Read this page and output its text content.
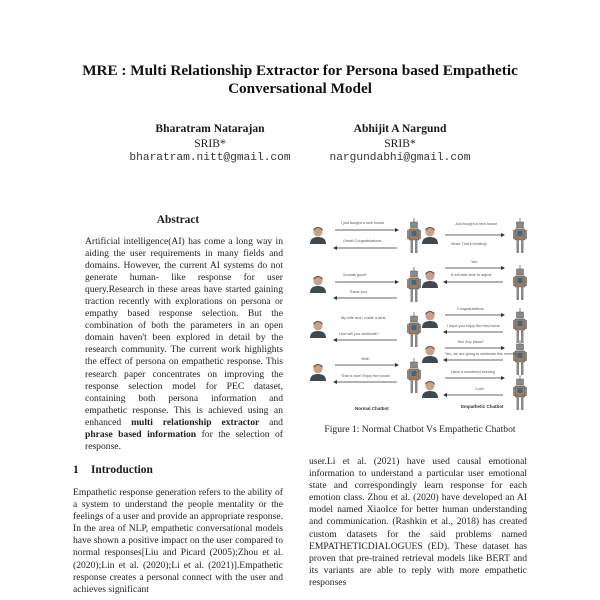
MRE : Multi Relationship Extractor for Persona based Empathetic
Conversational Model
Bharatram Natarajan
SRIB*
bharatram.nitt@gmail.com
Abhijit A Nargund
SRIB*
nargundabhi@gmail.com
Abstract
Artificial intelligence(AI) has come a long way in aiding the user requirements in many fields and domains. However, the current AI systems do not generate human- like response for user query.Research in these areas have started gaining traction recently with explorations on persona or empathy based response selection. But the combination of both the parameters in an open domain haven't been explored in detail by the research community. The current work highlights the effect of persona on empathetic response. This research paper concentrates on improving the response selection model for PEC dataset, containing both persona information and empathetic response. This is achieved using an enhanced multi relationship extractor and phrase based information for the selection of response.
1 Introduction
Empathetic response generation refers to the ability of a system to understand the people mentality or the feelings of a user and provide an appropriate response. In the area of NLP, empathetic conversational models have shown a positive impact on the user compared to normal responses[Liu and Picard (2005);Zhou et al. (2020);Lin et al. (2020);Li et al. (2021)].Empathetic response creates a personal connect with the user and achieves significant
user.Li et al. (2021) have used causal emotional information to understand a particular user emotional state and correspondingly learn response for each emotion class. Zhou et al. (2020) have developed an AI model named XiaoIce for better human understanding and communication. (Rashkin et al., 2018) has created custom datasets for the said problems named EMPATHETICDIALOGUES (ED). These dataset has proven that pre-trained retrieval models like BERT and its variants are able to reply with more empathetic responses
I just bought a new house
Great! Congratulations
Sounds good!
Thank you
My wife and I made a deal
How will you celebrate?
Yeah
That is nice! Enjoy the house
Just bought a new house
Wow! That's exciting!
Yes
It will take time to adjust
Congratulations
I hope you enjoy the new home
Yes! Any plans?
Yes, we are going to celebrate this evening
Have a wonderful evening
Cool!
Normal Chatbot	Empathetic Chatbot
Figure 1: Normal Chatbot Vs Empathetic Chatbot
